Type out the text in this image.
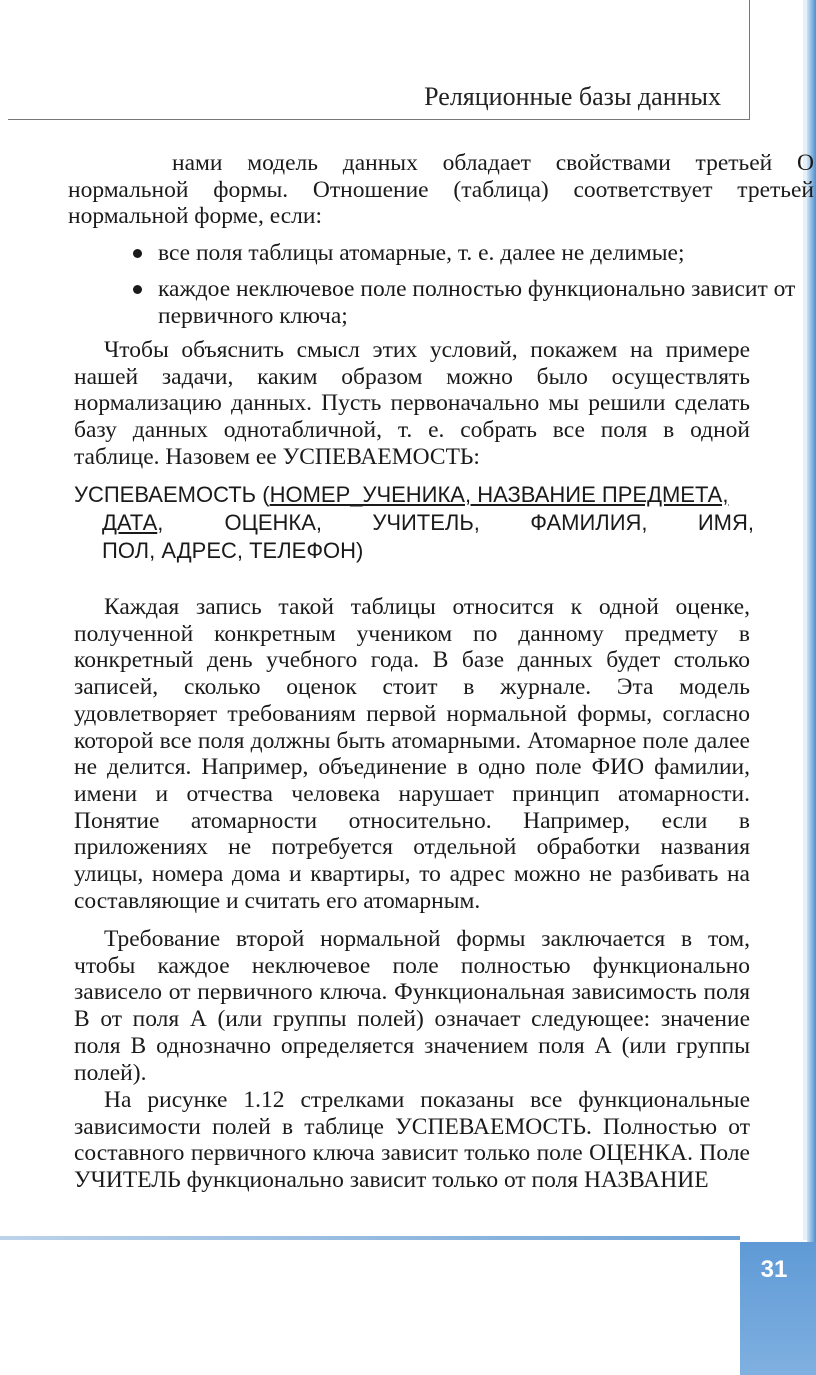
Реляционные базы данных
нами модель данных обладает свойствами третьей О нормальной формы. Отношение (таблица) соответствует третьей нормальной форме, если:
все поля таблицы атомарные, т. е. далее не делимые;
каждое неключевое поле полностью функционально зависит от первичного ключа;
Чтобы объяснить смысл этих условий, покажем на примере нашей задачи, каким образом можно было осуществлять нормализацию данных. Пусть первоначально мы решили сделать базу данных однотабличной, т. е. собрать все поля в одной таблице. Назовем ее УСПЕВАЕМОСТЬ:
УСПЕВАЕМОСТЬ (НОМЕР_УЧЕНИКА, НАЗВАНИЕ ПРЕДМЕТА,
ДАТА,          ОЦЕНКА, УЧИТЕЛЬ, ФАМИЛИЯ, ИМЯ,
ПОЛ, АДРЕС, ТЕЛЕФОН)
Каждая запись такой таблицы относится к одной оценке, полученной конкретным учеником по данному предмету в конкретный день учебного года. В базе данных будет столько записей, сколько оценок стоит в журнале. Эта модель удовлетворяет требованиям первой нормальной формы, согласно которой все поля должны быть атомарными. Атомарное поле далее не делится. Например, объединение в одно поле ФИО фамилии, имени и отчества человека нарушает принцип атомарности. Понятие атомарности относительно. Например, если в приложениях не потребуется отдельной обработки названия улицы, номера дома и квартиры, то адрес можно не разбивать на составляющие и считать его атомарным.
Требование второй нормальной формы заключается в том, чтобы каждое неключевое поле полностью функционально зависело от первичного ключа. Функциональная зависимость поля В от поля А (или группы полей) означает следующее: значение поля В однозначно определяется значением поля А (или группы полей).
На рисунке 1.12 стрелками показаны все функциональные зависимости полей в таблице УСПЕВАЕМОСТЬ. Полностью от составного первичного ключа зависит только поле ОЦЕНКА. Поле УЧИТЕЛЬ функционально зависит только от поля НАЗВАНИЕ
31
